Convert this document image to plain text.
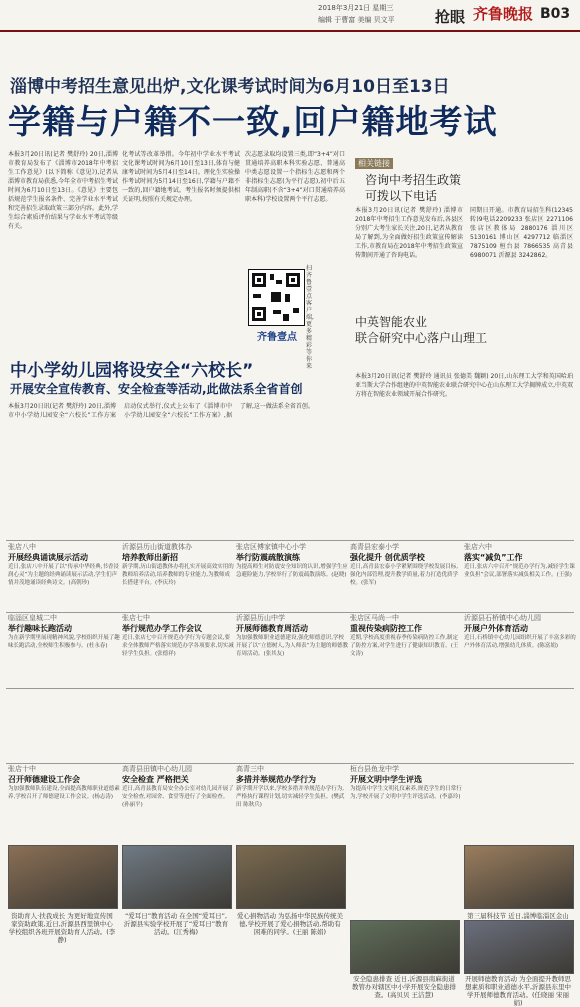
2018年3月21日 星期三
编辑 于曹富 美编 贝文平	抢眼 齐鲁晚报 B03
淄博中考招生意见出炉,文化课考试时间为6月10日至13日
学籍与户籍不一致,回户籍地考试
本报3月20日讯(记者 樊舒玲) 20日,淄博市教育局发布了《淄博市2018年中考招生工作意见》(以下简称《意见》),记者从淄博市教育局获悉,今年全市中考招生考试时间为6月10日至13日。《意见》主要包括规范学生报名条件、完善学业水平考试和完善招生录取政策三部分内容。此外,学生综合素质评价结果与学业水平考试等级有关。
化考试等改革举措。今年初中学业水平考试文化课考试时间为6月10日至13日,体育与健康考试时间为5月4日至14日。理化生实验操作考试时间为5月14日至16日,学籍与户籍不一致的,回户籍地考试。考生报名时须提供相关证明,按照有关规定办理。
次志愿录取均设置三类,即“3+4”对口贯通培养高职本科实验志愿、普通高中类志愿设置一个指标生志愿和两个非指标生志愿(为平行志愿),初中后五年制高职(不含“3+4”对口贯通培养高职本科)学校设置两个平行志愿。
齐鲁壹点
扫齐鲁壹点客户端,更多精彩等你来
相关链接
咨询中考招生政策
可拨以下电话
本报3月20日讯(记者 樊舒玲) 淄博市2018年中考招生工作意见发布后,各县区分别广大考生家长关注,20日,记者从教育局了解到,为全面做好招生政策宣传解读工作,市教育局在2018年中考招生政策宣传期间开通了咨询电话。
同期日开通。市教育局招生科(12345转)9电话2209233 张店区 2271106 张店区教体局 2880176 淄川区 5130161 博山区 4297712 临淄区 7875109 桓台县 7866535 高青县 6980071 沂源县 3242862。
中英智能农业
联合研究中心落户山理工
本报3月20日讯(记者 樊舒玲 通讯员 张德美 魏颖) 20日,山东理工大学和英国哈珀亚当斯大学合作组建的中英智能农业联合研究中心在山东理工大学揭牌成立,中英双方将在智能农业领域开展合作研究。
中小学幼儿园将设安全“六校长”
开展安全宣传教育、安全检查等活动,此做法系全省首创
本报3月20日讯(记者 樊舒玲) 20日,淄博市中小学幼儿园安全“六校长”工作方案启动仪式举行,仪式上公布了《淄博市中小学幼儿园安全“六校长”工作方案》,据了解,这一做法系全省首创。
张店八中
开展经典诵读展示活动
近日,张店八中开展了以“传承中华经典,书香浸润心灵”为主题的经典诵读展示活动,学生们声情并茂地诵读经典诗文。(高朝珍)
沂源县历山街道教体办
培养教师出新招
新学期,历山街道教体办将扎实开展高效实用的教师培养活动,培养教师的专业能力,为教师成长搭建平台。(李庆玲)
张店区傅家镇中心小学
举行防震疏散演练
为提高师生对防震安全知识的认识,增强学生应急避险能力,学校举行了防震疏散演练。(赵晓)
高青县宏泰小学
强化提升 创优质学校
近日,高青县宏泰小学紧紧围绕学校发展目标,强化内部管理,提升教学质量,着力打造优质学校。(张军)
张店六中
落实“减负”工作
近日,张店六中召开“规范办学行为,减轻学生课业负担”会议,部署落实减负相关工作。(王强)
临淄区皇城二中
举行趣味长跑活动
为在新学期里展现精神风貌,学校组织开展了趣味长跑活动,全校师生积极参与。(杜永春)
张店七中
举行规范办学工作会议
近日,张店七中召开规范办学行为专题会议,要求全体教师严格落实规范办学各项要求,切实减轻学生负担。(张德祥)
沂源县历山中学
开展师德教育周活动
为加强教师职业道德建设,强化师德意识,学校开展了以“立德树人,为人师表”为主题的师德教育周活动。(张其友)
张店区马尚一中
重视传染病防控工作
近期,学校高度重视春季传染病防控工作,制定了防控方案,对学生进行了健康知识教育。(王文涛)
沂源县石桥镇中心幼儿园
开展户外体育活动
近日,石桥镇中心幼儿园组织开展了丰富多彩的户外体育活动,增强幼儿体质。(陈富娟)
张店十中
召开师德建设工作会
为加强教师队伍建设,全面提高教师职业道德素养,学校召开了师德建设工作会议。(杨志涛)
高青县田镇中心幼儿园
安全检查 严格把关
近日,高青县教育局安全办公室对幼儿园开展了安全检查,对园舍、食堂等进行了全面检查。(孙丽平)
高青三中
多措并举规范办学行为
新学期开学以来,学校多措并举规范办学行为,严格执行课程计划,切实减轻学生负担。(樊武田 陈秋兵)
桓台县鱼龙中学
开展文明中学生评选
为提高中学生文明礼仪素养,规范学生的日常行为,学校开展了文明中学生评选活动。(李嘉玲)
资助育人·扶我成长 为更好地宣传国家资助政策,近日,沂源县西里镇中心学校组织各班开展资助育人活动。(李静)
“爱耳日”教育活动 在全国“爱耳日”,沂源县实验学校开展了“爱耳日”教育活动。(江秀梅)
爱心捐物活动 为弘扬中华民族传统美德,学校开展了爱心捐物活动,帮助有困难的同学。(王丽 陈娟)
安全隐患排查 近日,沂源县南麻街道教管办对辖区中小学开展安全隐患排查。(高贝贝 王洁慧)
第三届科技节 近日,淄博临淄区金山
开展师德教育活动 为全面提升教师思想素质和职业道德水平,沂源县东里中学开展师德教育活动。(任晓丽 宋丽娟)
